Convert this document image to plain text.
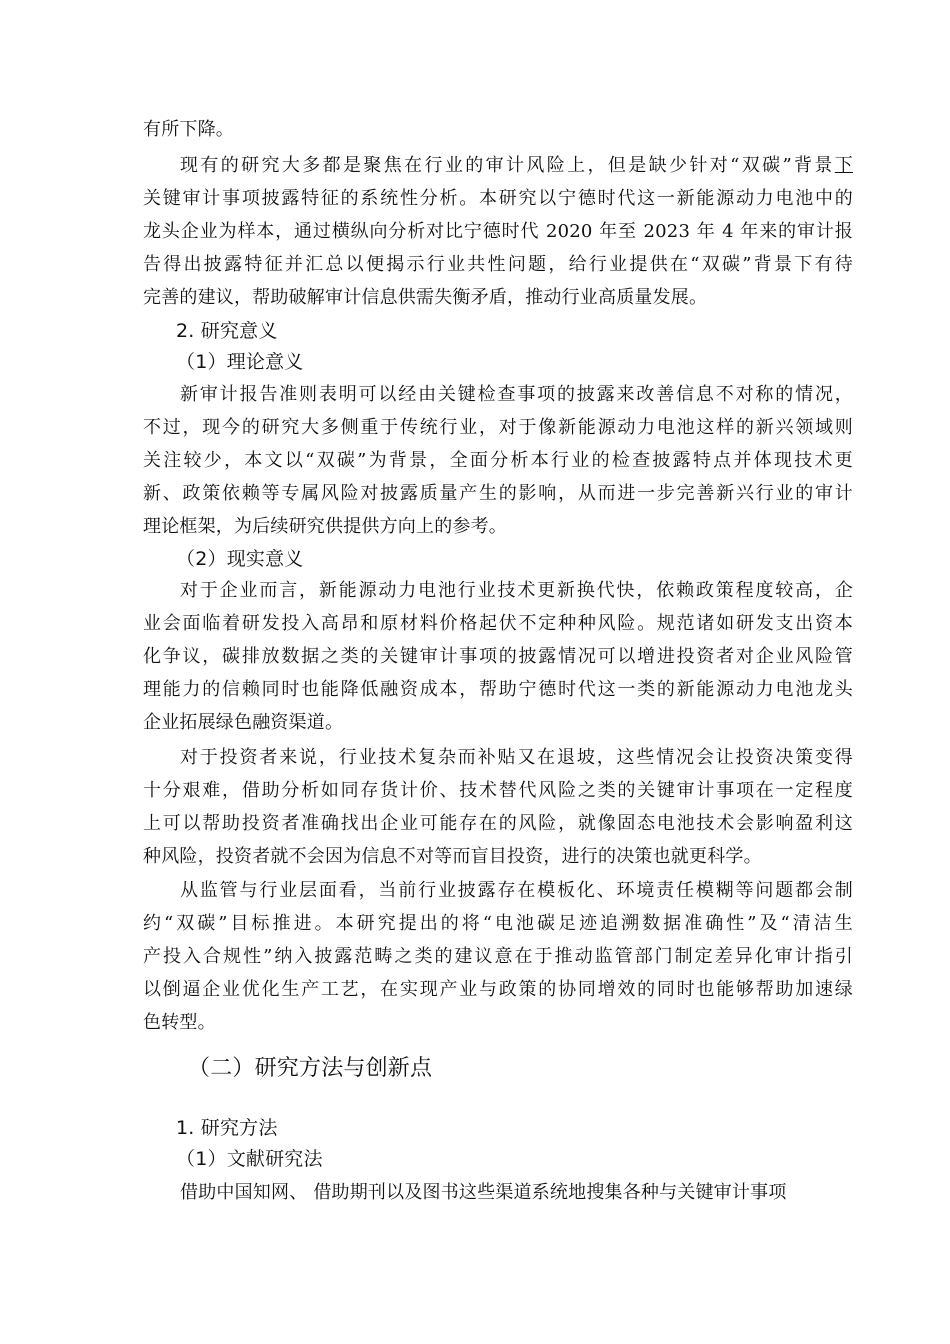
有所下降。
现有的研究大多都是聚焦在行业的审计风险上，但是缺少针对“双碳”背景下
关键审计事项披露特征的系统性分析。本研究以宁德时代这一新能源动力电池中的
龙头企业为样本，通过横纵向分析对比宁德时代 2020 年至 2023 年 4 年来的审计报
告得出披露特征并汇总以便揭示行业共性问题，给行业提供在“双碳”背景下有待
完善的建议，帮助破解审计信息供需失衡矛盾，推动行业高质量发展。
2. 研究意义
（1）理论意义
新审计报告准则表明可以经由关键检查事项的披露来改善信息不对称的情况，
不过，现今的研究大多侧重于传统行业，对于像新能源动力电池这样的新兴领域则
关注较少，本文以“双碳”为背景，全面分析本行业的检查披露特点并体现技术更
新、政策依赖等专属风险对披露质量产生的影响，从而进一步完善新兴行业的审计
理论框架，为后续研究供提供方向上的参考。
（2）现实意义
对于企业而言，新能源动力电池行业技术更新换代快，依赖政策程度较高，企
业会面临着研发投入高昂和原材料价格起伏不定种种风险。规范诸如研发支出资本
化争议，碳排放数据之类的关键审计事项的披露情况可以增进投资者对企业风险管
理能力的信赖同时也能降低融资成本，帮助宁德时代这一类的新能源动力电池龙头
企业拓展绿色融资渠道。
对于投资者来说，行业技术复杂而补贴又在退坡，这些情况会让投资决策变得
十分艰难，借助分析如同存货计价、技术替代风险之类的关键审计事项在一定程度
上可以帮助投资者准确找出企业可能存在的风险，就像固态电池技术会影响盈利这
种风险，投资者就不会因为信息不对等而盲目投资，进行的决策也就更科学。
从监管与行业层面看，当前行业披露存在模板化、环境责任模糊等问题都会制
约“双碳”目标推进。本研究提出的将“电池碳足迹追溯数据准确性”及“清洁生
产投入合规性”纳入披露范畴之类的建议意在于推动监管部门制定差异化审计指引
以倒逼企业优化生产工艺，在实现产业与政策的协同增效的同时也能够帮助加速绿
色转型。
（二）研究方法与创新点
1. 研究方法
（1）文献研究法
借助中国知网、 借助期刊以及图书这些渠道系统地搜集各种与关键审计事项
